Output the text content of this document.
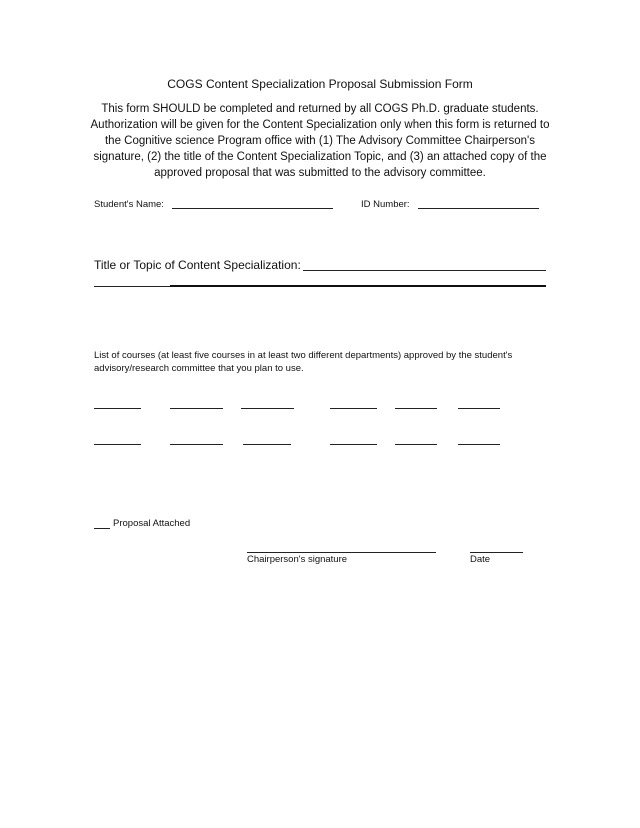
COGS Content Specialization Proposal Submission Form
This form SHOULD be completed and returned by all COGS Ph.D. graduate students. Authorization will be given for the Content Specialization only when this form is returned to the Cognitive science Program office with (1) The Advisory Committee Chairperson's signature, (2) the title of the Content Specialization Topic, and (3) an attached copy of the approved proposal that was submitted to the advisory committee.
Student's Name:	ID Number:
Title or Topic of Content Specialization:
List of courses (at least five courses in at least two different departments) approved by the student's advisory/research committee that you plan to use.
Proposal Attached
Chairperson's signature	Date
